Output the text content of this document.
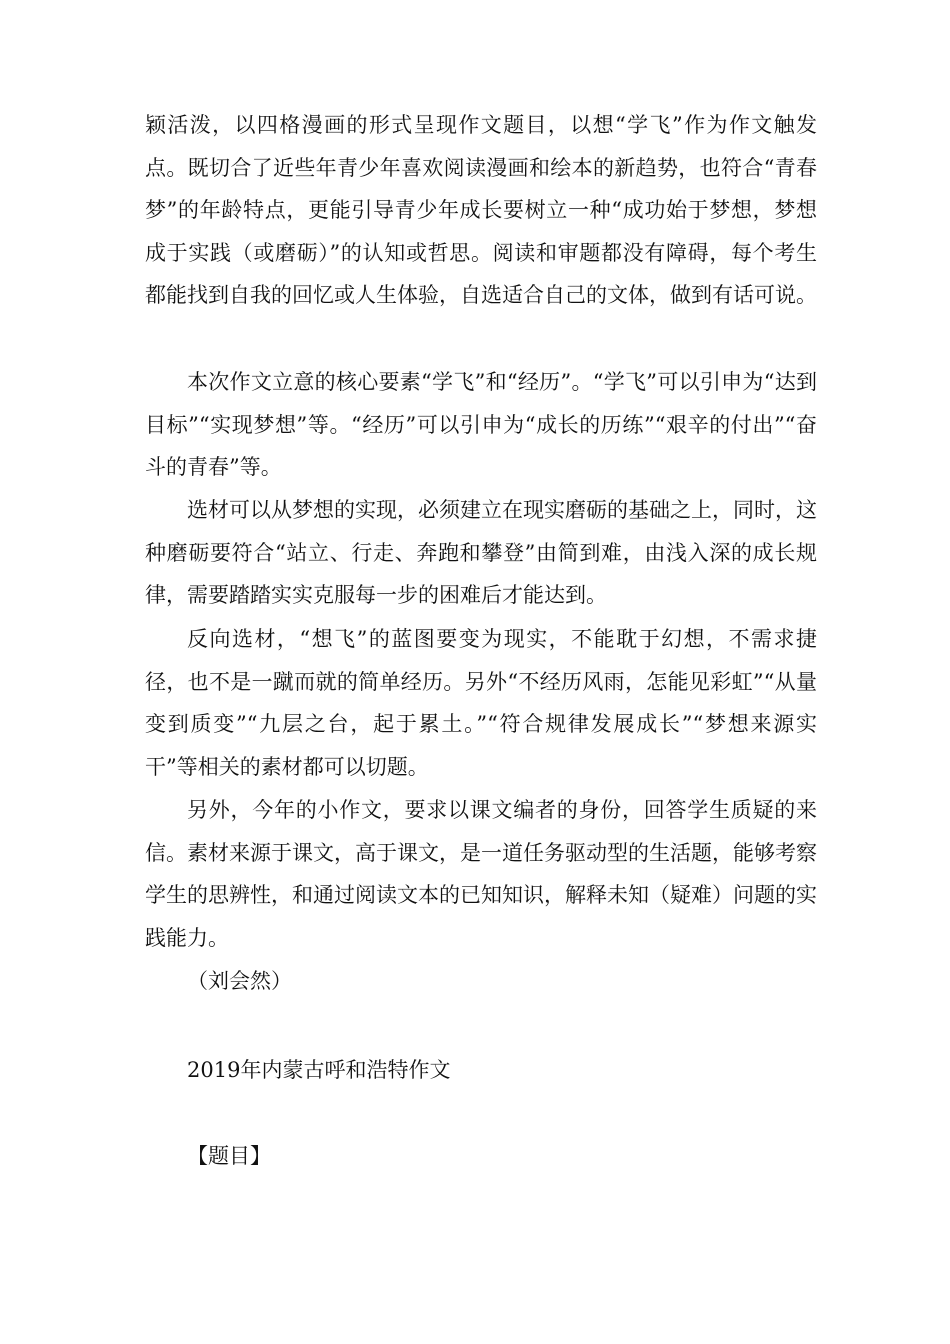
颖活泼，以四格漫画的形式呈现作文题目，以想“学飞”作为作文触发点。既切合了近些年青少年喜欢阅读漫画和绘本的新趋势，也符合“青春梦”的年龄特点，更能引导青少年成长要树立一种“成功始于梦想，梦想成于实践（或磨砺）”的认知或哲思。阅读和审题都没有障碍，每个考生都能找到自我的回忆或人生体验，自选适合自己的文体，做到有话可说。

本次作文立意的核心要素“学飞”和“经历”。“学飞”可以引申为“达到目标”“实现梦想”等。“经历”可以引申为“成长的历练”“艰辛的付出”“奋斗的青春”等。

选材可以从梦想的实现，必须建立在现实磨砺的基础之上，同时，这种磨砺要符合“站立、行走、奔跑和攀登”由简到难，由浅入深的成长规律，需要踏踏实实克服每一步的困难后才能达到。

反向选材，“想飞”的蓝图要变为现实，不能耽于幻想，不需求捷径，也不是一蹴而就的简单经历。另外“不经历风雨，怎能见彩虹”“从量变到质变”“九层之台，起于累土。”“符合规律发展成长”“梦想来源实干”等相关的素材都可以切题。

另外，今年的小作文，要求以课文编者的身份，回答学生质疑的来信。素材来源于课文，高于课文，是一道任务驱动型的生活题，能够考察学生的思辨性，和通过阅读文本的已知知识，解释未知（疑难）问题的实践能力。

（刘会然）

2019年内蒙古呼和浩特作文

【题目】
